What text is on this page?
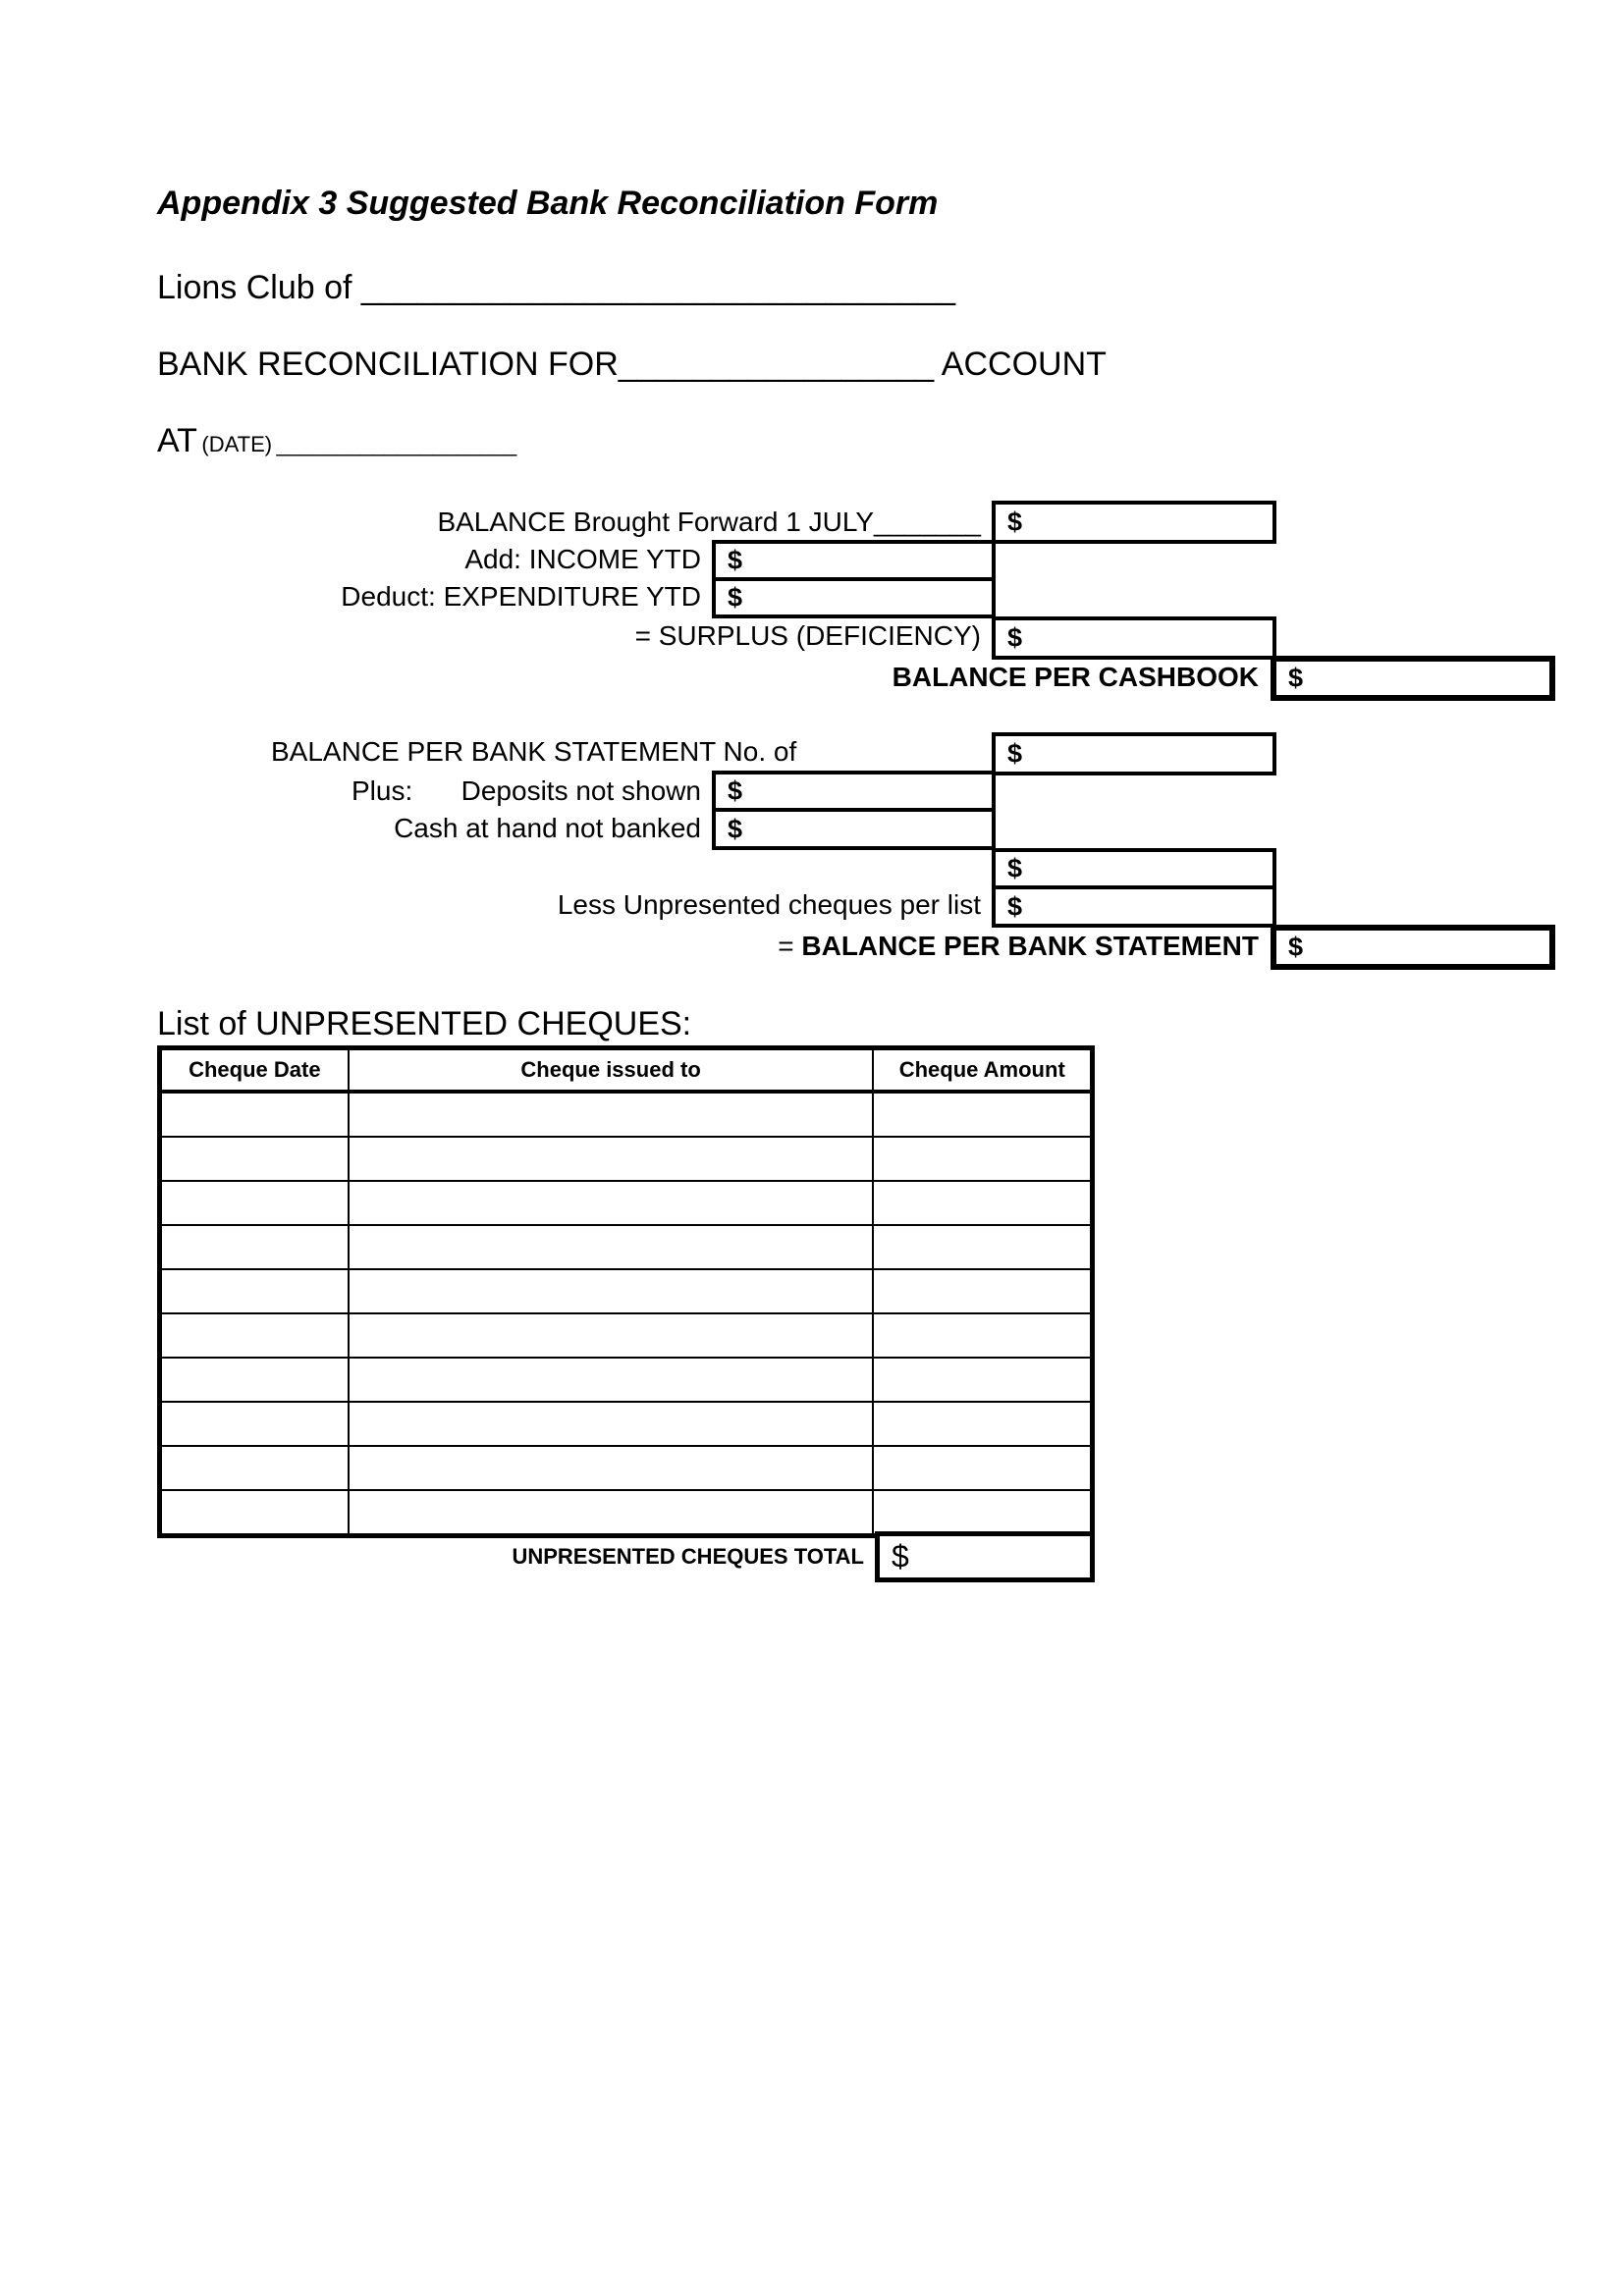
Appendix 3 Suggested Bank Reconciliation Form
Lions Club of ________________________________
BANK RECONCILIATION FOR_________________ ACCOUNT
AT (DATE) ____________________
BALANCE Brought Forward 1 JULY_______ $
Add: INCOME YTD $
Deduct: EXPENDITURE YTD $
= SURPLUS (DEFICIENCY) $
BALANCE PER CASHBOOK $
BALANCE PER BANK STATEMENT No. of	$
Plus: Deposits not shown $
Cash at hand not banked $
$
Less Unpresented cheques per list $
= BALANCE PER BANK STATEMENT $
List of UNPRESENTED CHEQUES:
Cheque Date	Cheque issued to	Cheque Amount

UNPRESENTED CHEQUES TOTAL $
